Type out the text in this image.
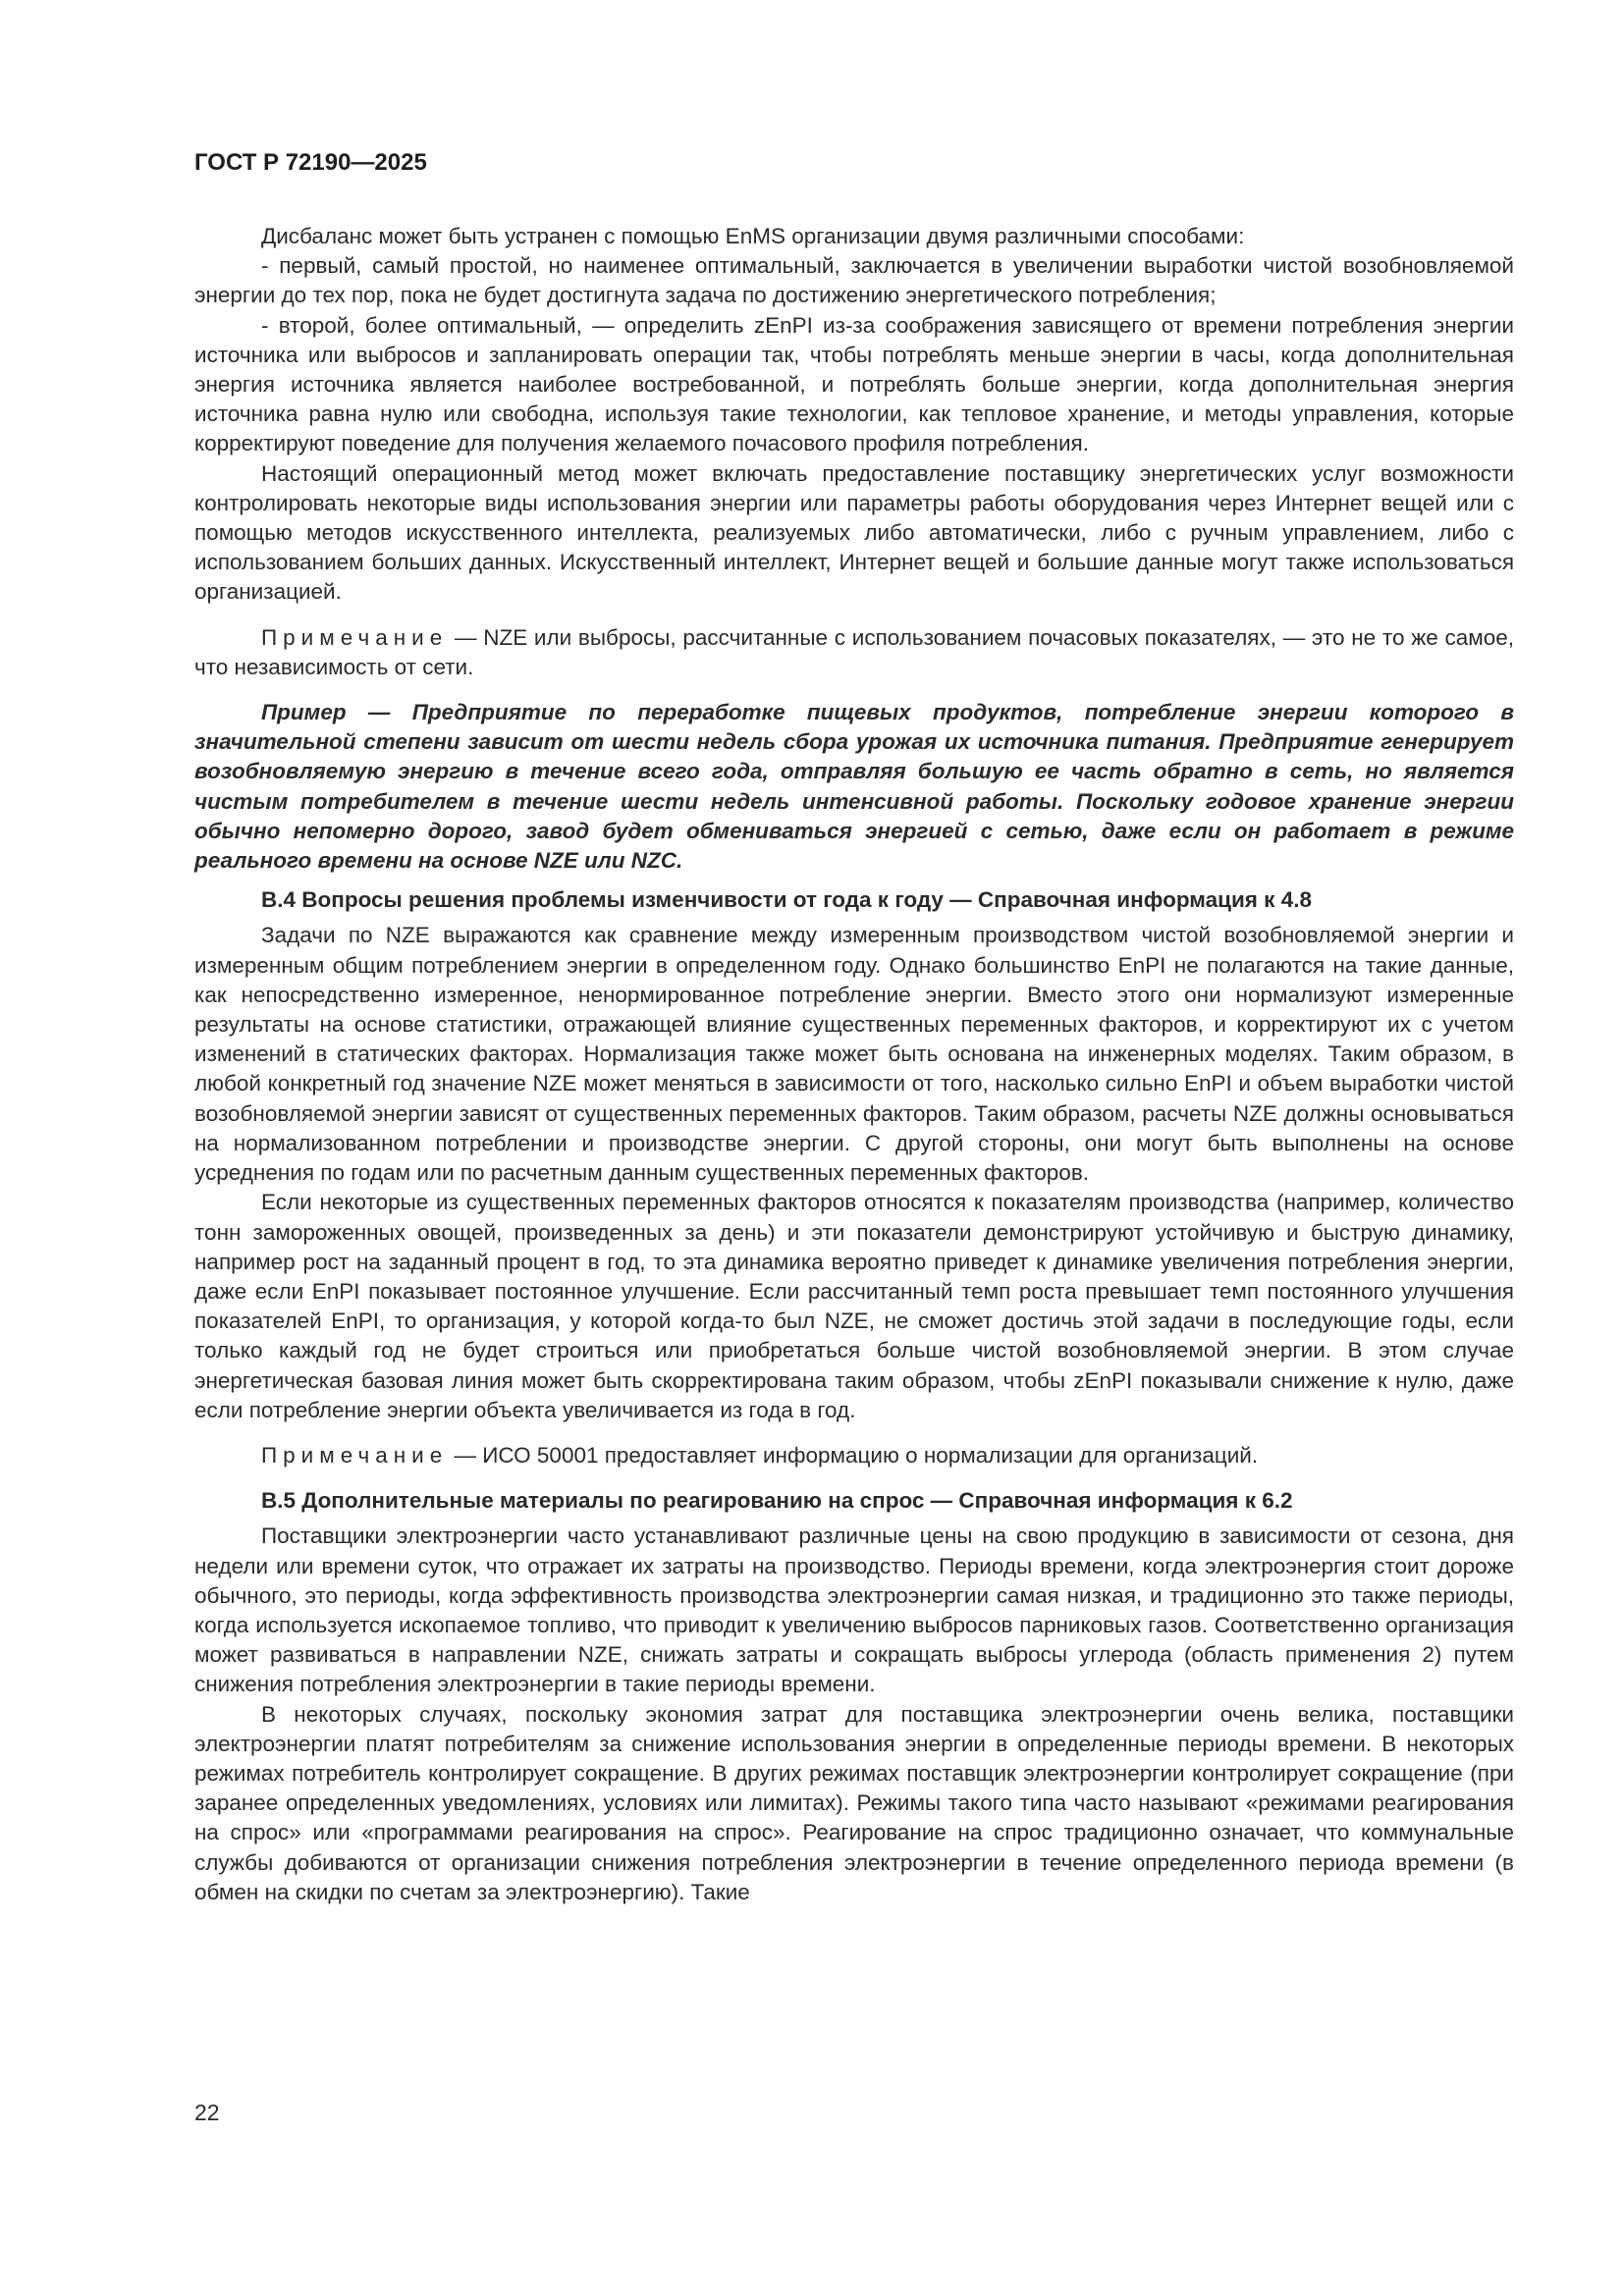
ГОСТ Р 72190—2025

Дисбаланс может быть устранен с помощью EnMS организации двумя различными способами:

- первый, самый простой, но наименее оптимальный, заключается в увеличении выработки чистой возобновляемой энергии до тех пор, пока не будет достигнута задача по достижению энергетического потребления;

- второй, более оптимальный, — определить zEnPI из-за соображения зависящего от времени потребления энергии источника или выбросов и запланировать операции так, чтобы потреблять меньше энергии в часы, когда дополнительная энергия источника является наиболее востребованной, и потреблять больше энергии, когда дополнительная энергия источника равна нулю или свободна, используя такие технологии, как тепловое хранение, и методы управления, которые корректируют поведение для получения желаемого почасового профиля потребления.

Настоящий операционный метод может включать предоставление поставщику энергетических услуг возможности контролировать некоторые виды использования энергии или параметры работы оборудования через Интернет вещей или с помощью методов искусственного интеллекта, реализуемых либо автоматически, либо с ручным управлением, либо с использованием больших данных. Искусственный интеллект, Интернет вещей и большие данные могут также использоваться организацией.

Примечание — NZE или выбросы, рассчитанные с использованием почасовых показателях, — это не то же самое, что независимость от сети.

Пример — Предприятие по переработке пищевых продуктов, потребление энергии которого в значительной степени зависит от шести недель сбора урожая их источника питания. Предприятие генерирует возобновляемую энергию в течение всего года, отправляя большую ее часть обратно в сеть, но является чистым потребителем в течение шести недель интенсивной работы. Поскольку годовое хранение энергии обычно непомерно дорого, завод будет обмениваться энергией с сетью, даже если он работает в режиме реального времени на основе NZE или NZC.

В.4 Вопросы решения проблемы изменчивости от года к году — Справочная информация к 4.8

Задачи по NZE выражаются как сравнение между измеренным производством чистой возобновляемой энергии и измеренным общим потреблением энергии в определенном году. Однако большинство EnPI не полагаются на такие данные, как непосредственно измеренное, ненормированное потребление энергии. Вместо этого они нормализуют измеренные результаты на основе статистики, отражающей влияние существенных переменных факторов, и корректируют их с учетом изменений в статических факторах. Нормализация также может быть основана на инженерных моделях. Таким образом, в любой конкретный год значение NZE может меняться в зависимости от того, насколько сильно EnPI и объем выработки чистой возобновляемой энергии зависят от существенных переменных факторов. Таким образом, расчеты NZE должны основываться на нормализованном потреблении и производстве энергии. С другой стороны, они могут быть выполнены на основе усреднения по годам или по расчетным данным существенных переменных факторов.

Если некоторые из существенных переменных факторов относятся к показателям производства (например, количество тонн замороженных овощей, произведенных за день) и эти показатели демонстрируют устойчивую и быструю динамику, например рост на заданный процент в год, то эта динамика вероятно приведет к динамике увеличения потребления энергии, даже если EnPI показывает постоянное улучшение. Если рассчитанный темп роста превышает темп постоянного улучшения показателей EnPI, то организация, у которой когда-то был NZE, не сможет достичь этой задачи в последующие годы, если только каждый год не будет строиться или приобретаться больше чистой возобновляемой энергии. В этом случае энергетическая базовая линия может быть скорректирована таким образом, чтобы zEnPI показывали снижение к нулю, даже если потребление энергии объекта увеличивается из года в год.

Примечание — ИСО 50001 предоставляет информацию о нормализации для организаций.

В.5 Дополнительные материалы по реагированию на спрос — Справочная информация к 6.2

Поставщики электроэнергии часто устанавливают различные цены на свою продукцию в зависимости от сезона, дня недели или времени суток, что отражает их затраты на производство. Периоды времени, когда электроэнергия стоит дороже обычного, это периоды, когда эффективность производства электроэнергии самая низкая, и традиционно это также периоды, когда используется ископаемое топливо, что приводит к увеличению выбросов парниковых газов. Соответственно организация может развиваться в направлении NZE, снижать затраты и сокращать выбросы углерода (область применения 2) путем снижения потребления электроэнергии в такие периоды времени.

В некоторых случаях, поскольку экономия затрат для поставщика электроэнергии очень велика, поставщики электроэнергии платят потребителям за снижение использования энергии в определенные периоды времени. В некоторых режимах потребитель контролирует сокращение. В других режимах поставщик электроэнергии контролирует сокращение (при заранее определенных уведомлениях, условиях или лимитах). Режимы такого типа часто называют «режимами реагирования на спрос» или «программами реагирования на спрос». Реагирование на спрос традиционно означает, что коммунальные службы добиваются от организации снижения потребления электроэнергии в течение определенного периода времени (в обмен на скидки по счетам за электроэнергию). Такие

22
